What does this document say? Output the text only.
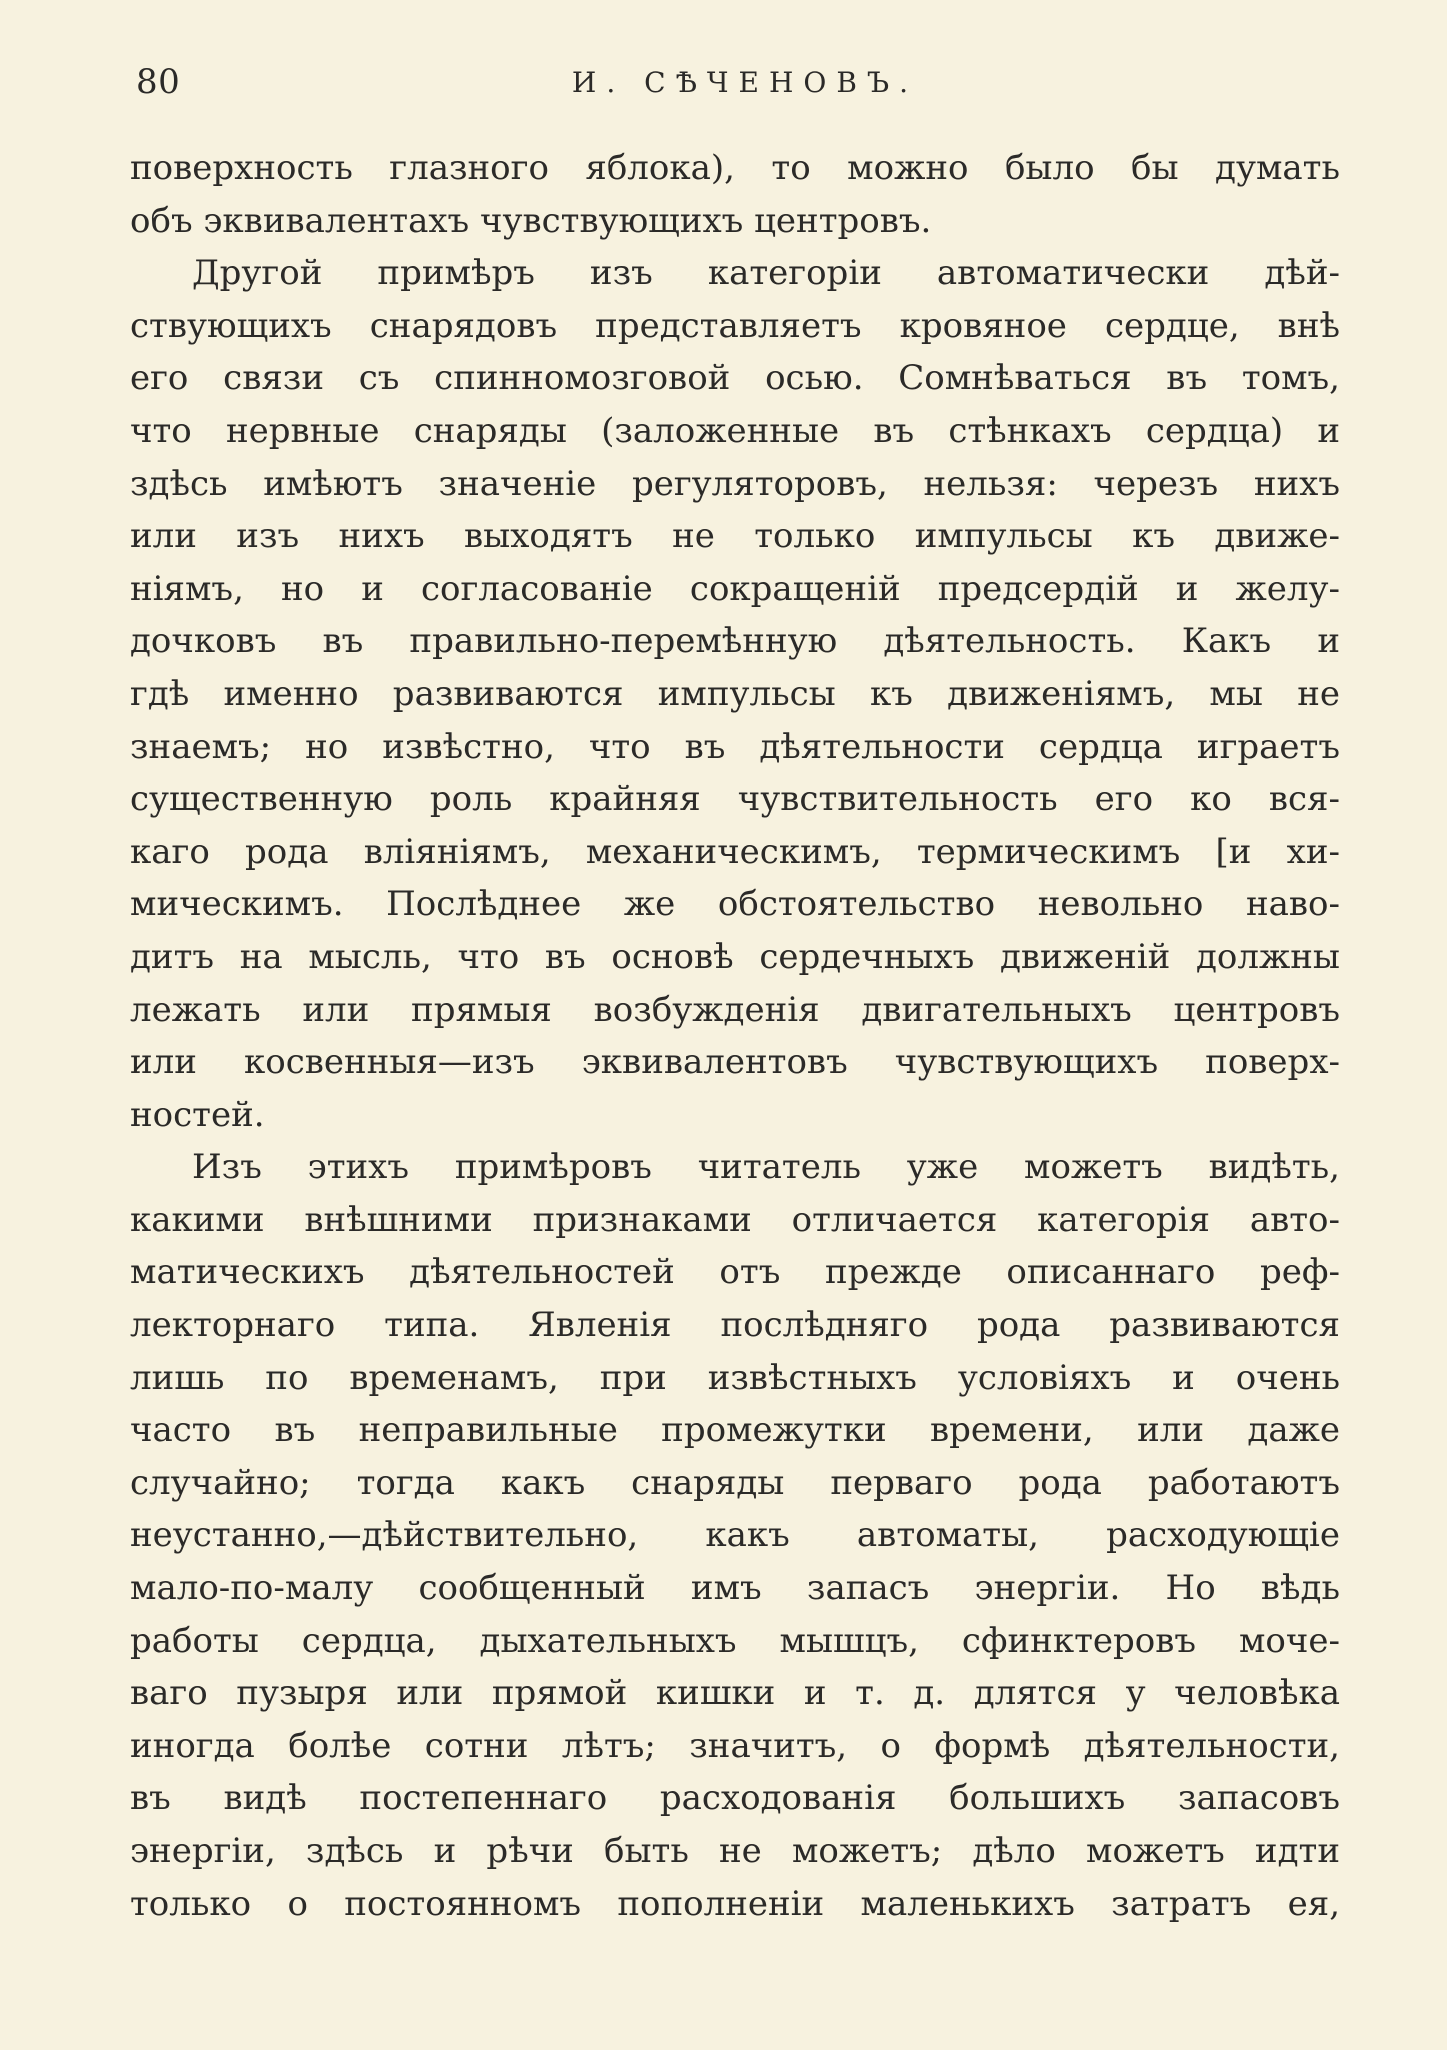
80	И. СѢЧЕНОВЪ.
поверхность глазного яблока), то можно было бы думать
объ эквивалентахъ чувствующихъ центровъ.
Другой примѣръ изъ категоріи автоматически дѣй-
ствующихъ снарядовъ представляетъ кровяное сердце, внѣ
его связи съ спинномозговой осью. Сомнѣваться въ томъ,
что нервные снаряды (заложенные въ стѣнкахъ сердца) и
здѣсь имѣютъ значеніе регуляторовъ, нельзя: черезъ нихъ
или изъ нихъ выходятъ не только импульсы къ движе-
ніямъ, но и согласованіе сокращеній предсердій и желу-
дочковъ въ правильно-перемѣнную дѣятельность. Какъ и
гдѣ именно развиваются импульсы къ движеніямъ, мы не
знаемъ; но извѣстно, что въ дѣятельности сердца играетъ
существенную роль крайняя чувствительность его ко вся-
каго рода вліяніямъ, механическимъ, термическимъ [и хи-
мическимъ. Послѣднее же обстоятельство невольно наво-
дитъ на мысль, что въ основѣ сердечныхъ движеній должны
лежать или прямыя возбужденія двигательныхъ центровъ
или косвенныя—изъ эквивалентовъ чувствующихъ поверх-
ностей.
Изъ этихъ примѣровъ читатель уже можетъ видѣть,
какими внѣшними признаками отличается категорія авто-
матическихъ дѣятельностей отъ прежде описаннаго реф-
лекторнаго типа. Явленія послѣдняго рода развиваются
лишь по временамъ, при извѣстныхъ условіяхъ и очень
часто въ неправильные промежутки времени, или даже
случайно; тогда какъ снаряды перваго рода работаютъ
неустанно,—дѣйствительно, какъ автоматы, расходующіе
мало-по-малу сообщенный имъ запасъ энергіи. Но вѣдь
работы сердца, дыхательныхъ мышцъ, сфинктеровъ моче-
ваго пузыря или прямой кишки и т. д. длятся у человѣка
иногда болѣе сотни лѣтъ; значитъ, о формѣ дѣятельности,
въ видѣ постепеннаго расходованія большихъ запасовъ
энергіи, здѣсь и рѣчи быть не можетъ; дѣло можетъ идти
только о постоянномъ пополненіи маленькихъ затратъ ея,
